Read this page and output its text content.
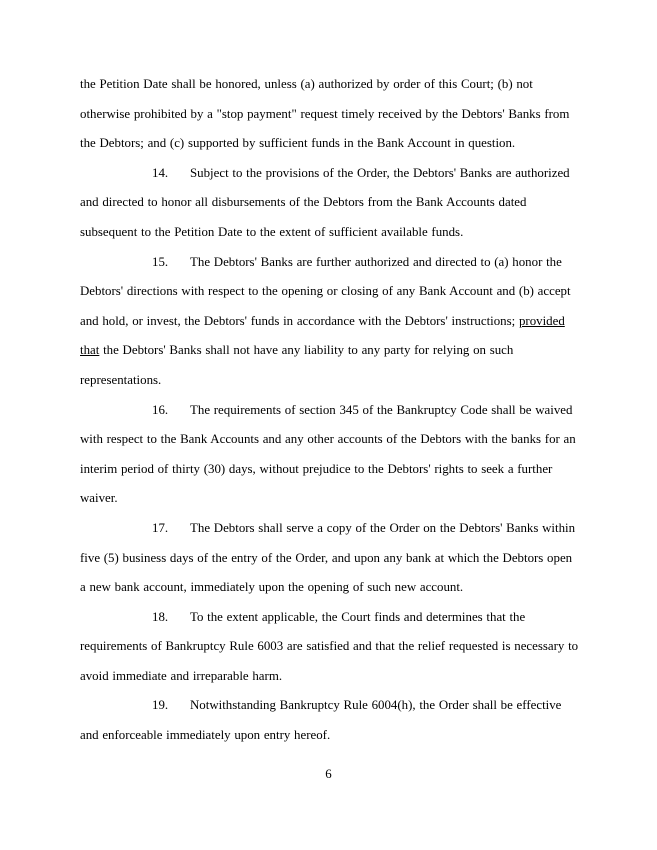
the Petition Date shall be honored, unless (a) authorized by order of this Court; (b) not otherwise prohibited by a "stop payment" request timely received by the Debtors' Banks from the Debtors; and (c) supported by sufficient funds in the Bank Account in question.

14. Subject to the provisions of the Order, the Debtors' Banks are authorized and directed to honor all disbursements of the Debtors from the Bank Accounts dated subsequent to the Petition Date to the extent of sufficient available funds.

15. The Debtors' Banks are further authorized and directed to (a) honor the Debtors' directions with respect to the opening or closing of any Bank Account and (b) accept and hold, or invest, the Debtors' funds in accordance with the Debtors' instructions; provided that the Debtors' Banks shall not have any liability to any party for relying on such representations.

16. The requirements of section 345 of the Bankruptcy Code shall be waived with respect to the Bank Accounts and any other accounts of the Debtors with the banks for an interim period of thirty (30) days, without prejudice to the Debtors' rights to seek a further waiver.

17. The Debtors shall serve a copy of the Order on the Debtors' Banks within five (5) business days of the entry of the Order, and upon any bank at which the Debtors open a new bank account, immediately upon the opening of such new account.

18. To the extent applicable, the Court finds and determines that the requirements of Bankruptcy Rule 6003 are satisfied and that the relief requested is necessary to avoid immediate and irreparable harm.

19. Notwithstanding Bankruptcy Rule 6004(h), the Order shall be effective and enforceable immediately upon entry hereof.

6
